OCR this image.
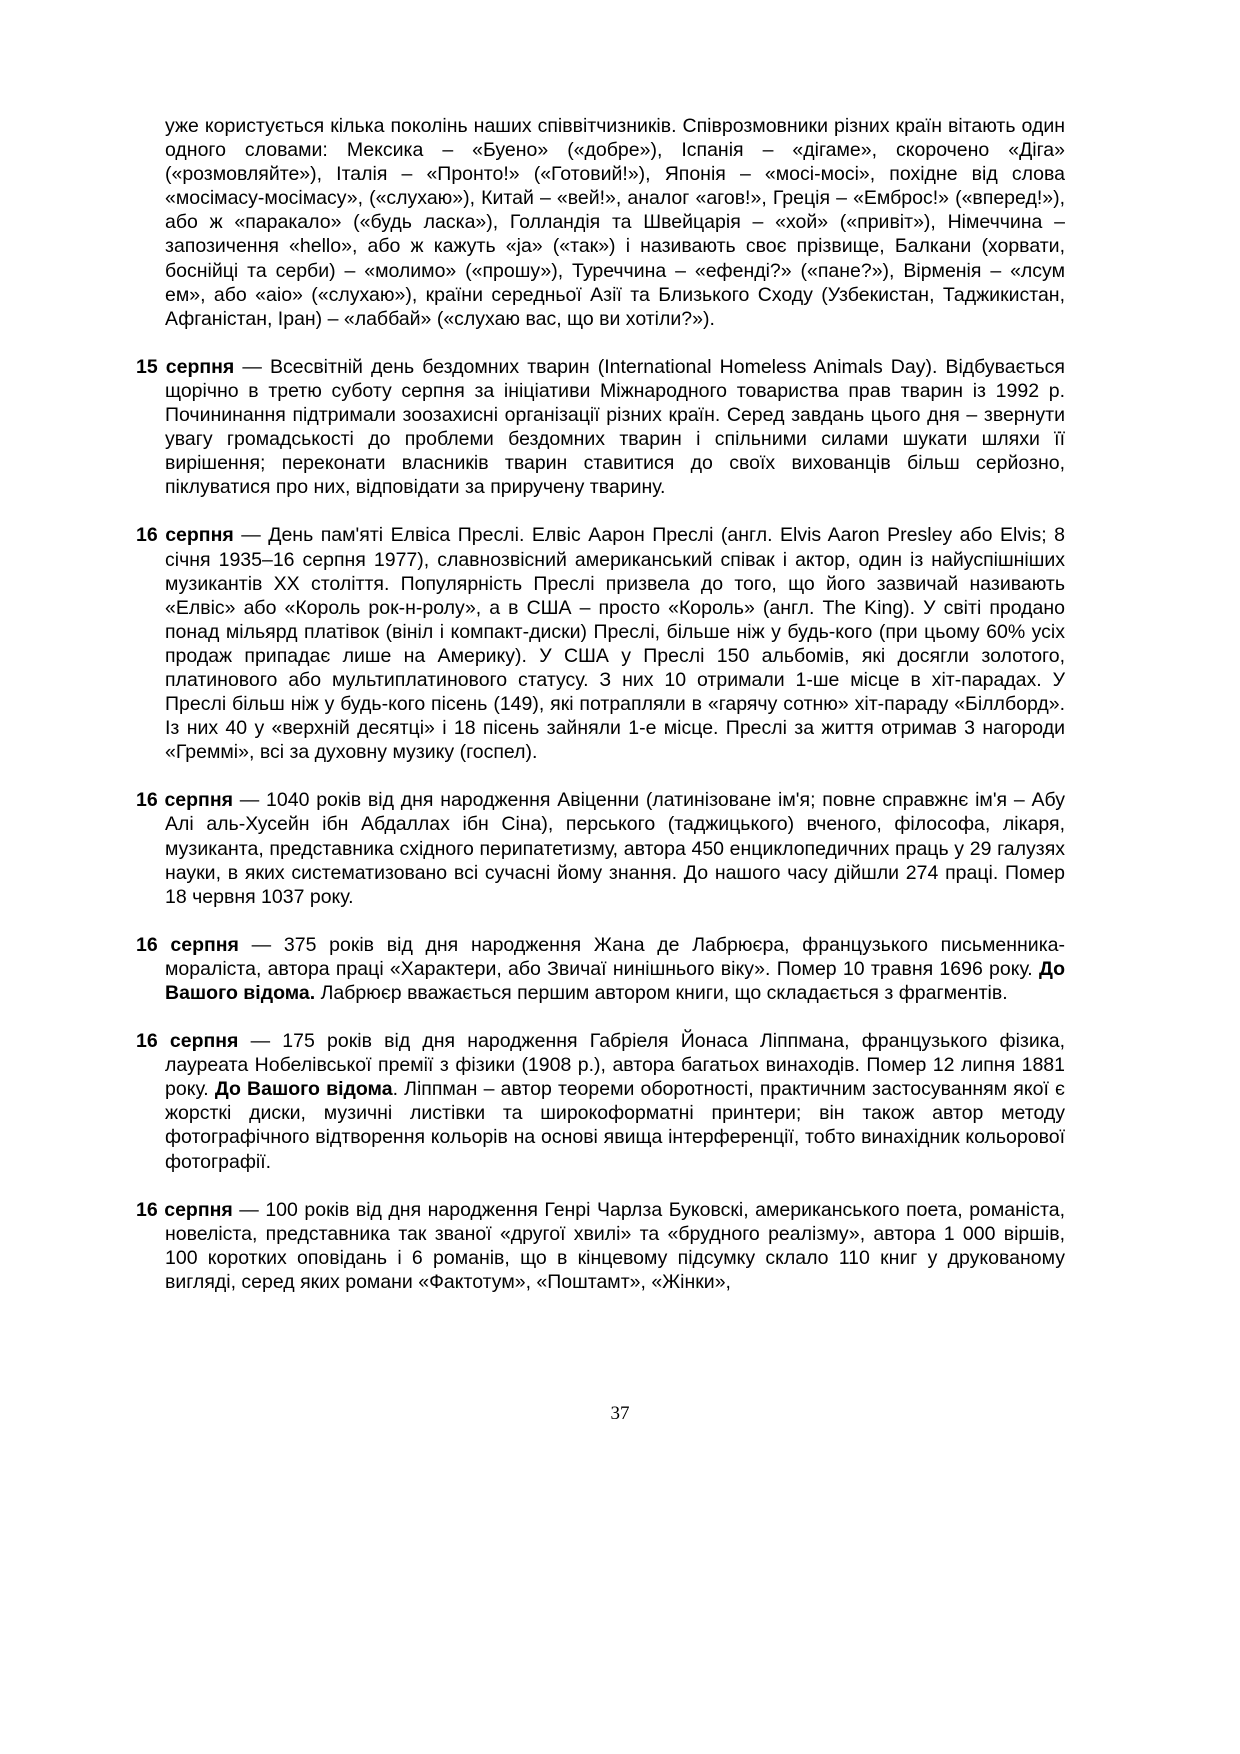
уже користується кілька поколінь наших співвітчизників. Співрозмовники різних країн вітають один одного словами: Мексика – «Буено» («добре»), Іспанія – «дігаме», скорочено «Діга» («розмовляйте»), Італія – «Пронто!» («Готовий!»), Японія – «мосі-мосі», похідне від слова «мосімасу-мосімасу», («слухаю»), Китай – «вей!», аналог «агов!», Греція – «Емброс!» («вперед!»), або ж «паракало» («будь ласка»), Голландія та Швейцарія – «хой» («привіт»), Німеччина – запозичення «hello», або ж кажуть «ja» («так») і називають своє прізвище, Балкани (хорвати, боснійці та серби) – «молимо» («прошу»), Туреччина – «ефенді?» («пане?»), Вірменія – «лсум ем», або «аіо» («слухаю»), країни середньої Азії та Близького Сходу (Узбекистан, Таджикистан, Афганістан, Іран) – «лаббай» («слухаю вас, що ви хотіли?»).

15 серпня — Всесвітній день бездомних тварин (International Homeless Animals Day). Відбувається щорічно в третю суботу серпня за ініціативи Міжнародного товариства прав тварин із 1992 р. Почининання підтримали зоозахисні організації різних країн. Серед завдань цього дня – звернути увагу громадськості до проблеми бездомних тварин і спільними силами шукати шляхи її вирішення; переконати власників тварин ставитися до своїх вихованців більш серйозно, піклуватися про них, відповідати за приручену тварину.

16 серпня — День пам'яті Елвіса Преслі. Елвіс Аарон Преслі (англ. Elvis Aaron Presley або Elvis; 8 січня 1935–16 серпня 1977), славнозвісний американський співак і актор, один із найуспішніших музикантів ХХ століття. Популярність Преслі призвела до того, що його зазвичай називають «Елвіс» або «Король рок-н-ролу», а в США – просто «Король» (англ. The King). У світі продано понад мільярд платівок (вініл і компакт-диски) Преслі, більше ніж у будь-кого (при цьому 60% усіх продаж припадає лише на Америку). У США у Преслі 150 альбомів, які досягли золотого, платинового або мультиплатинового статусу. З них 10 отримали 1-ше місце в хіт-парадах. У Преслі більш ніж у будь-кого пісень (149), які потрапляли в «гарячу сотню» хіт-параду «Біллборд». Із них 40 у «верхній десятці» і 18 пісень зайняли 1-е місце. Преслі за життя отримав 3 нагороди «Греммі», всі за духовну музику (госпел).

16 серпня — 1040 років від дня народження Авіценни (латинізоване ім'я; повне справжнє ім'я – Абу Алі аль-Хусейн ібн Абдаллах ібн Сіна), перського (таджицького) вченого, філософа, лікаря, музиканта, представника східного перипатетизму, автора 450 енциклопедичних праць у 29 галузях науки, в яких систематизовано всі сучасні йому знання. До нашого часу дійшли 274 праці. Помер 18 червня 1037 року.

16 серпня — 375 років від дня народження Жана де Лабрюєра, французького письменника-мораліста, автора праці «Характери, або Звичаї нинішнього віку». Помер 10 травня 1696 року. До Вашого відома. Лабрюєр вважається першим автором книги, що складається з фрагментів.

16 серпня — 175 років від дня народження Габріеля Йонаса Ліппмана, французького фізика, лауреата Нобелівської премії з фізики (1908 р.), автора багатьох винаходів. Помер 12 липня 1881 року. До Вашого відома. Ліппман – автор теореми оборотності, практичним застосуванням якої є жорсткі диски, музичні листівки та широкоформатні принтери; він також автор методу фотографічного відтворення кольорів на основі явища інтерференції, тобто винахідник кольорової фотографії.

16 серпня — 100 років від дня народження Генрі Чарлза Буковскі, американського поета, романіста, новеліста, представника так званої «другої хвилі» та «брудного реалізму», автора 1 000 віршів, 100 коротких оповідань і 6 романів, що в кінцевому підсумку склало 110 книг у друкованому вигляді, серед яких романи «Фактотум», «Поштамт», «Жінки»,

37
